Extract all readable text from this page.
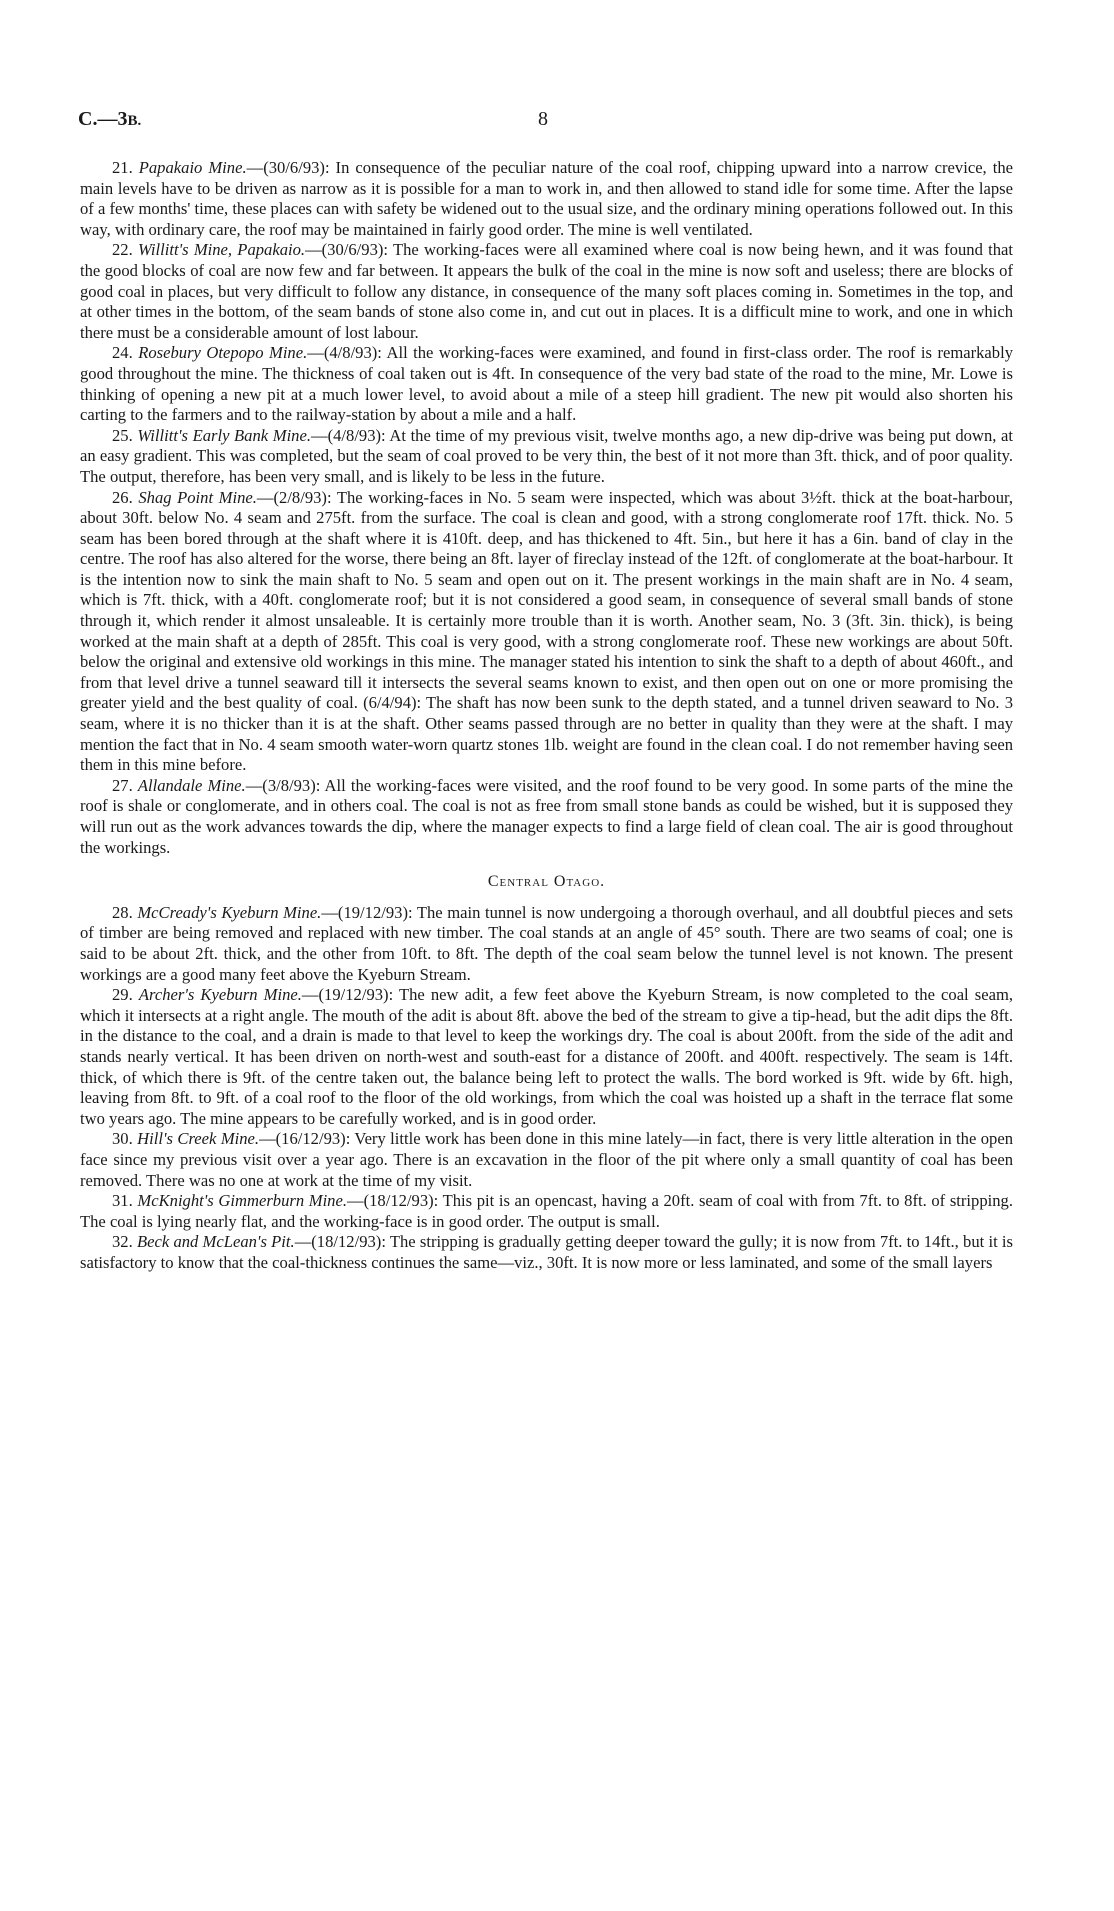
C.—3B.	8

21. Papakaio Mine.—(30/6/93): In consequence of the peculiar nature of the coal roof, chipping upward into a narrow crevice, the main levels have to be driven as narrow as it is possible for a man to work in, and then allowed to stand idle for some time. After the lapse of a few months' time, these places can with safety be widened out to the usual size, and the ordinary mining operations followed out. In this way, with ordinary care, the roof may be maintained in fairly good order. The mine is well ventilated.

22. Willitt's Mine, Papakaio.—(30/6/93): The working-faces were all examined where coal is now being hewn, and it was found that the good blocks of coal are now few and far between. It appears the bulk of the coal in the mine is now soft and useless; there are blocks of good coal in places, but very difficult to follow any distance, in consequence of the many soft places coming in. Sometimes in the top, and at other times in the bottom, of the seam bands of stone also come in, and cut out in places. It is a difficult mine to work, and one in which there must be a considerable amount of lost labour.

24. Rosebury Otepopo Mine.—(4/8/93): All the working-faces were examined, and found in first-class order. The roof is remarkably good throughout the mine. The thickness of coal taken out is 4ft. In consequence of the very bad state of the road to the mine, Mr. Lowe is thinking of opening a new pit at a much lower level, to avoid about a mile of a steep hill gradient. The new pit would also shorten his carting to the farmers and to the railway-station by about a mile and a half.

25. Willitt's Early Bank Mine.—(4/8/93): At the time of my previous visit, twelve months ago, a new dip-drive was being put down, at an easy gradient. This was completed, but the seam of coal proved to be very thin, the best of it not more than 3ft. thick, and of poor quality. The output, therefore, has been very small, and is likely to be less in the future.

26. Shag Point Mine.—(2/8/93): The working-faces in No. 5 seam were inspected, which was about 3½ft. thick at the boat-harbour, about 30ft. below No. 4 seam and 275ft. from the surface. The coal is clean and good, with a strong conglomerate roof 17ft. thick. No. 5 seam has been bored through at the shaft where it is 410ft. deep, and has thickened to 4ft. 5in., but here it has a 6in. band of clay in the centre. The roof has also altered for the worse, there being an 8ft. layer of fireclay instead of the 12ft. of conglomerate at the boat-harbour. It is the intention now to sink the main shaft to No. 5 seam and open out on it. The present workings in the main shaft are in No. 4 seam, which is 7ft. thick, with a 40ft. conglomerate roof; but it is not considered a good seam, in consequence of several small bands of stone through it, which render it almost unsaleable. It is certainly more trouble than it is worth. Another seam, No. 3 (3ft. 3in. thick), is being worked at the main shaft at a depth of 285ft. This coal is very good, with a strong conglomerate roof. These new workings are about 50ft. below the original and extensive old workings in this mine. The manager stated his intention to sink the shaft to a depth of about 460ft., and from that level drive a tunnel seaward till it intersects the several seams known to exist, and then open out on one or more promising the greater yield and the best quality of coal. (6/4/94): The shaft has now been sunk to the depth stated, and a tunnel driven seaward to No. 3 seam, where it is no thicker than it is at the shaft. Other seams passed through are no better in quality than they were at the shaft. I may mention the fact that in No. 4 seam smooth water-worn quartz stones 1lb. weight are found in the clean coal. I do not remember having seen them in this mine before.

27. Allandale Mine.—(3/8/93): All the working-faces were visited, and the roof found to be very good. In some parts of the mine the roof is shale or conglomerate, and in others coal. The coal is not as free from small stone bands as could be wished, but it is supposed they will run out as the work advances towards the dip, where the manager expects to find a large field of clean coal. The air is good throughout the workings.

Central Otago.

28. McCready's Kyeburn Mine.—(19/12/93): The main tunnel is now undergoing a thorough overhaul, and all doubtful pieces and sets of timber are being removed and replaced with new timber. The coal stands at an angle of 45° south. There are two seams of coal; one is said to be about 2ft. thick, and the other from 10ft. to 8ft. The depth of the coal seam below the tunnel level is not known. The present workings are a good many feet above the Kyeburn Stream.

29. Archer's Kyeburn Mine.—(19/12/93): The new adit, a few feet above the Kyeburn Stream, is now completed to the coal seam, which it intersects at a right angle. The mouth of the adit is about 8ft. above the bed of the stream to give a tip-head, but the adit dips the 8ft. in the distance to the coal, and a drain is made to that level to keep the workings dry. The coal is about 200ft. from the side of the adit and stands nearly vertical. It has been driven on north-west and south-east for a distance of 200ft. and 400ft. respectively. The seam is 14ft. thick, of which there is 9ft. of the centre taken out, the balance being left to protect the walls. The bord worked is 9ft. wide by 6ft. high, leaving from 8ft. to 9ft. of a coal roof to the floor of the old workings, from which the coal was hoisted up a shaft in the terrace flat some two years ago. The mine appears to be carefully worked, and is in good order.

30. Hill's Creek Mine.—(16/12/93): Very little work has been done in this mine lately—in fact, there is very little alteration in the open face since my previous visit over a year ago. There is an excavation in the floor of the pit where only a small quantity of coal has been removed. There was no one at work at the time of my visit.

31. McKnight's Gimmerburn Mine.—(18/12/93): This pit is an opencast, having a 20ft. seam of coal with from 7ft. to 8ft. of stripping. The coal is lying nearly flat, and the working-face is in good order. The output is small.

32. Beck and McLean's Pit.—(18/12/93): The stripping is gradually getting deeper toward the gully; it is now from 7ft. to 14ft., but it is satisfactory to know that the coal-thickness continues the same—viz., 30ft. It is now more or less laminated, and some of the small layers
